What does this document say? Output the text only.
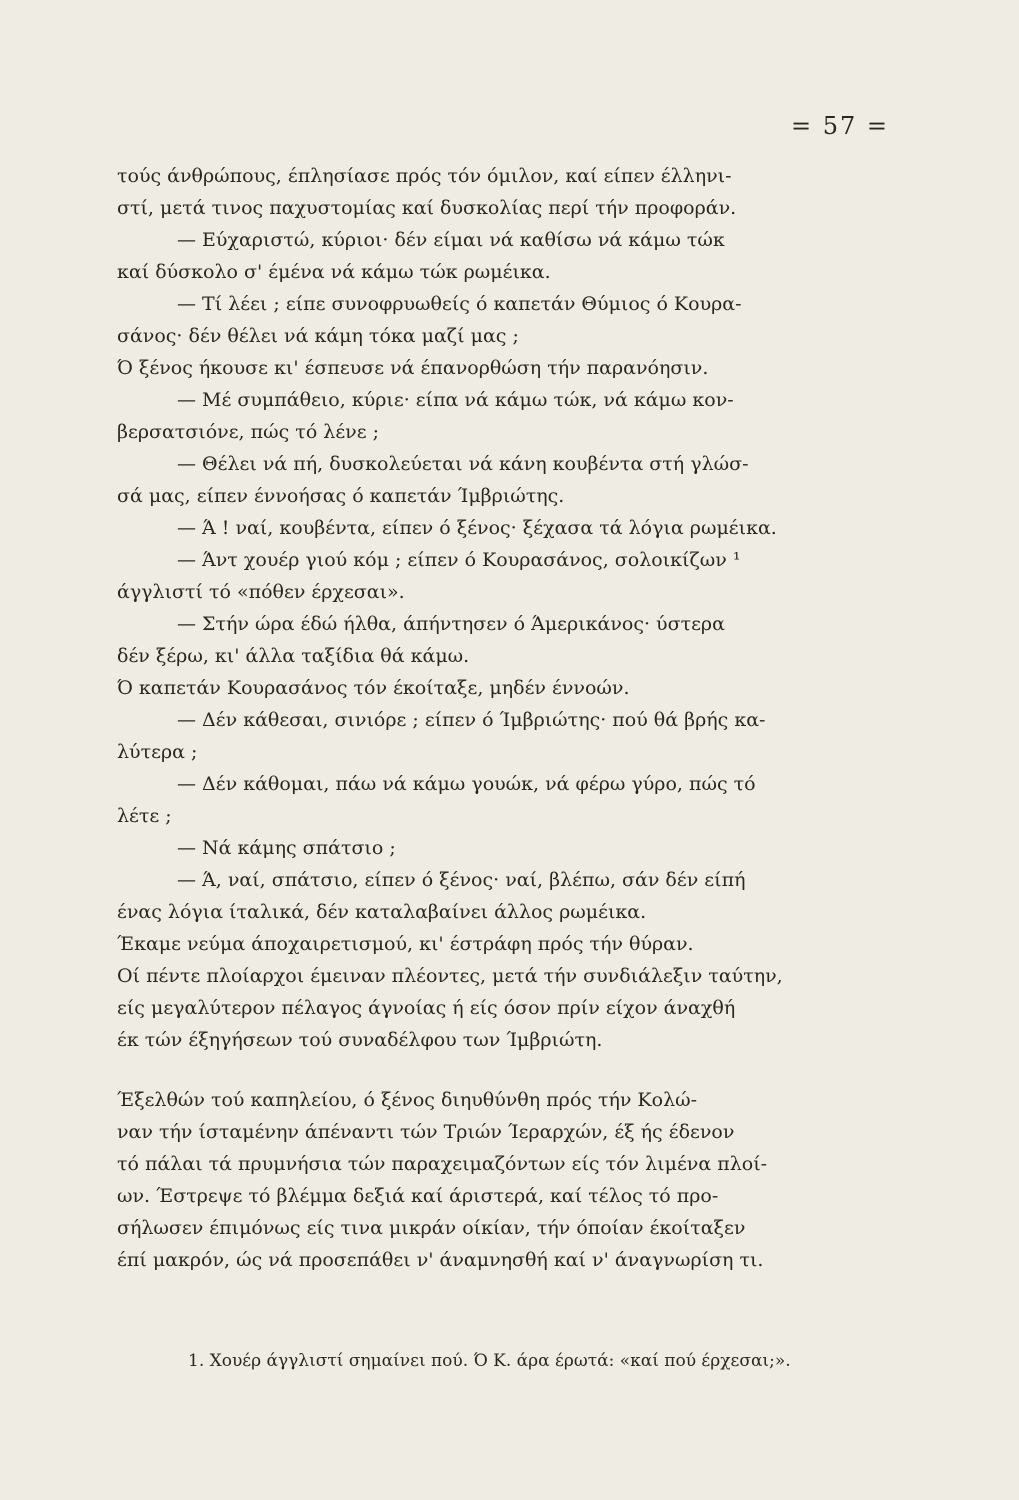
= 57 =
τούς άνθρώπους, έπλησίασε πρός τόν όμιλον, καί είπεν έλληνι-
στί, μετά τινος παχυστομίας καί δυσκολίας περί τήν προφοράν.
— Εύχαριστώ, κύριοι· δέν είμαι νά καθίσω νά κάμω τώκ
καί δύσκολο σ' έμένα νά κάμω τώκ ρωμέικα.
— Τί λέει ; είπε συνοφρυωθείς ό καπετάν Θύμιος ό Κουρα-
σάνος· δέν θέλει νά κάμη τόκα μαζί μας ;
Ό ξένος ήκουσε κι' έσπευσε νά έπανορθώση τήν παρανόησιν.
— Μέ συμπάθειο, κύριε· είπα νά κάμω τώκ, νά κάμω κον-
βερσατσιόνε, πώς τό λένε ;
— Θέλει νά πή, δυσκολεύεται νά κάνη κουβέντα στή γλώσ-
σά μας, είπεν έννοήσας ό καπετάν Ίμβριώτης.
— Ά ! ναί, κουβέντα, είπεν ό ξένος· ξέχασα τά λόγια ρωμέικα.
— Άντ χουέρ γιού κόμ ; είπεν ό Κουρασάνος, σολοικίζων ¹
άγγλιστί τό «πόθεν έρχεσαι».
— Στήν ώρα έδώ ήλθα, άπήντησεν ό Άμερικάνος· ύστερα
δέν ξέρω, κι' άλλα ταξίδια θά κάμω.
Ό καπετάν Κουρασάνος τόν έκοίταξε, μηδέν έννοών.
— Δέν κάθεσαι, σινιόρε ; είπεν ό Ίμβριώτης· πού θά βρής κα-
λύτερα ;
— Δέν κάθομαι, πάω νά κάμω γουώκ, νά φέρω γύρο, πώς τό
λέτε ;
— Νά κάμης σπάτσιο ;
— Ά, ναί, σπάτσιο, είπεν ό ξένος· ναί, βλέπω, σάν δέν είπή
ένας λόγια ίταλικά, δέν καταλαβαίνει άλλος ρωμέικα.
Έκαμε νεύμα άποχαιρετισμού, κι' έστράφη πρός τήν θύραν.
Οί πέντε πλοίαρχοι έμειναν πλέοντες, μετά τήν συνδιάλεξιν ταύτην,
είς μεγαλύτερον πέλαγος άγνοίας ή είς όσον πρίν είχον άναχθή
έκ τών έξηγήσεων τού συναδέλφου των Ίμβριώτη.
Έξελθών τού καπηλείου, ό ξένος διηυθύνθη πρός τήν Κολώ-
ναν τήν ίσταμένην άπέναντι τών Τριών Ίεραρχών, έξ ής έδενον
τό πάλαι τά πρυμνήσια τών παραχειμαζόντων είς τόν λιμένα πλοί-
ων. Έστρεψε τό βλέμμα δεξιά καί άριστερά, καί τέλος τό προ-
σήλωσεν έπιμόνως είς τινα μικράν οίκίαν, τήν όποίαν έκοίταξεν
έπί μακρόν, ώς νά προσεπάθει ν' άναμνησθή καί ν' άναγνωρίση τι.
1. Χουέρ άγγλιστί σημαίνει πού. Ό Κ. άρα έρωτά: «καί πού έρχεσαι;».
